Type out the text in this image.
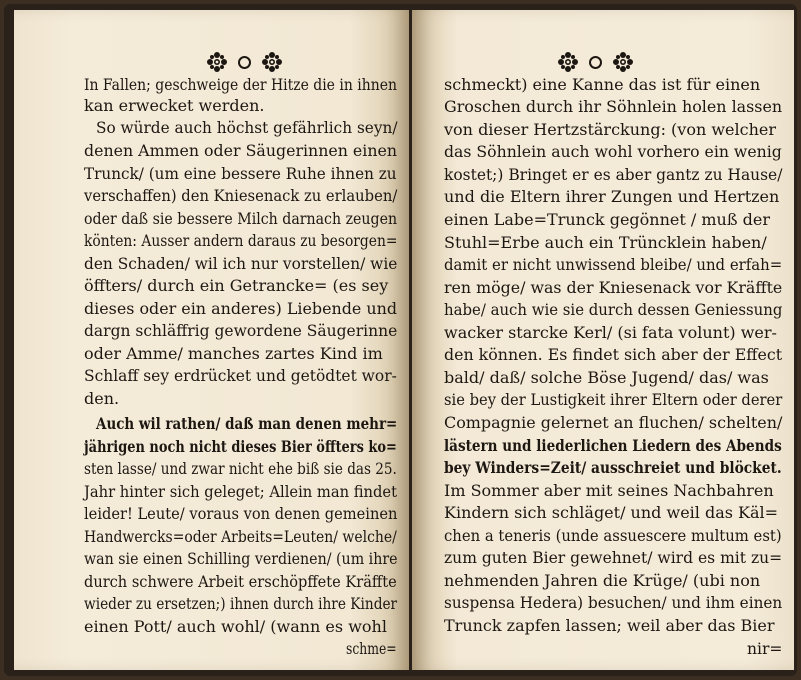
In Fallen; geschweige der Hitze die in ihnen
kan erwecket werden.
So würde auch höchst gefährlich seyn/
denen Ammen oder Säugerinnen einen
Trunck/ (um eine bessere Ruhe ihnen zu
verschaffen) den Kniesenack zu erlauben/
oder daß sie bessere Milch darnach zeugen
könten: Ausser andern daraus zu besorgen=
den Schaden/ wil ich nur vorstellen/ wie
öffters/ durch ein Getrancke= (es sey
dieses oder ein anderes) Liebende und
dargn schläffrig gewordene Säugerinne
oder Amme/ manches zartes Kind im
Schlaff sey erdrücket und getödtet wor-
den.
Auch wil rathen/ daß man denen mehr=
jährigen noch nicht dieses Bier öffters ko=
sten lasse/ und zwar nicht ehe biß sie das 25.
Jahr hinter sich geleget; Allein man findet
leider! Leute/ voraus von denen gemeinen
Handwercks=oder Arbeits=Leuten/ welche/
wan sie einen Schilling verdienen/ (um ihre
durch schwere Arbeit erschöpffete Kräffte
wieder zu ersetzen;) ihnen durch ihre Kinder
einen Pott/ auch wohl/ (wann es wohl
schme=
schmeckt) eine Kanne das ist für einen
Groschen durch ihr Söhnlein holen lassen
von dieser Hertzstärckung: (von welcher
das Söhnlein auch wohl vorhero ein wenig
kostet;) Bringet er es aber gantz zu Hause/
und die Eltern ihrer Zungen und Hertzen
einen Labe=Trunck gegönnet / muß der
Stuhl=Erbe auch ein Trüncklein haben/
damit er nicht unwissend bleibe/ und erfah=
ren möge/ was der Kniesenack vor Kräffte
habe/ auch wie sie durch dessen Geniessung
wacker starcke Kerl/ (si fata volunt) wer-
den können. Es findet sich aber der Effect
bald/ daß/ solche Böse Jugend/ das/ was
sie bey der Lustigkeit ihrer Eltern oder derer
Compagnie gelernet an fluchen/ schelten/
lästern und liederlichen Liedern des Abends
bey Winders=Zeit/ ausschreiet und blöcket.
Im Sommer aber mit seines Nachbahren
Kindern sich schläget/ und weil das Käl=
chen a teneris (unde assuescere multum est)
zum guten Bier gewehnet/ wird es mit zu=
nehmenden Jahren die Krüge/ (ubi non
suspensa Hedera) besuchen/ und ihm einen
Trunck zapfen lassen; weil aber das Bier
nir=
